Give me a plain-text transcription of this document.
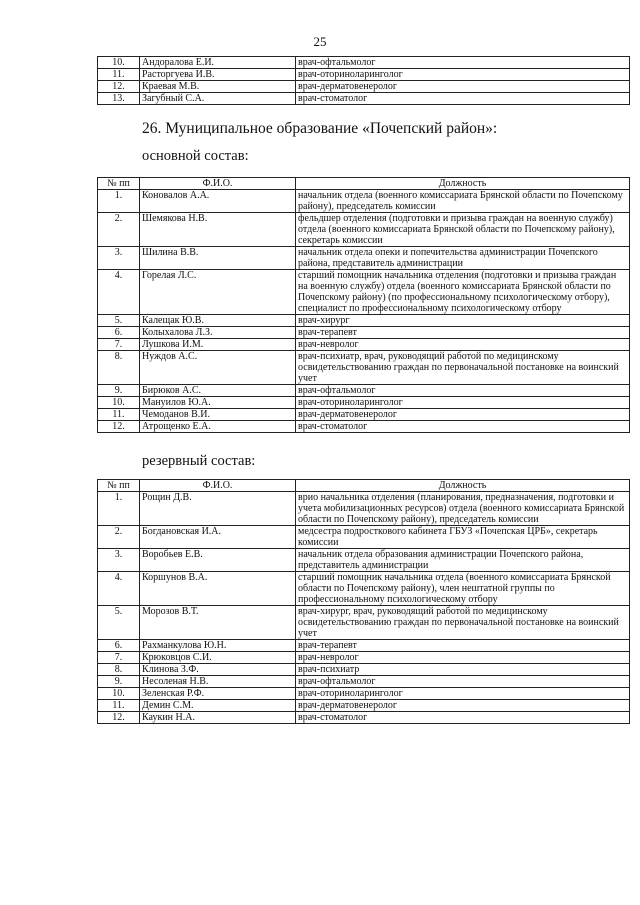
25
10.	Андоралова Е.И.	врач-офтальмолог
11.	Расторгуева И.В.	врач-оториноларинголог
12.	Краевая М.В.	врач-дерматовенеролог
13.	Загубный С.А.	врач-стоматолог
26. Муниципальное образование «Почепский район»:
основной состав:
№ пп	Ф.И.О.	Должность
1.	Коновалов А.А.	начальник отдела (военного комиссариата Брянской области по Почепскому району), председатель комиссии
2.	Шемякова Н.В.	фельдшер отделения (подготовки и призыва граждан на военную службу) отдела (военного комиссариата Брянской области по Почепскому району), секретарь комиссии
3.	Шилина В.В.	начальник отдела опеки и попечительства администрации Почепского района, представитель администрации
4.	Горелая Л.С.	старший помощник начальника отделения (подготовки и призыва граждан на военную службу) отдела (военного комиссариата Брянской области по Почепскому району) (по профессиональному психологическому отбору), специалист по профессиональному психологическому отбору
5.	Калещак Ю.В.	врач-хирург
6.	Колыхалова Л.З.	врач-терапевт
7.	Лушкова И.М.	врач-невролог
8.	Нуждов А.С.	врач-психиатр, врач, руководящий работой по медицинскому освидетельствованию граждан по первоначальной постановке на воинский учет
9.	Бирюков А.С.	врач-офтальмолог
10.	Мануилов Ю.А.	врач-оториноларинголог
11.	Чемоданов В.И.	врач-дерматовенеролог
12.	Атрощенко Е.А.	врач-стоматолог
резервный состав:
№ пп	Ф.И.О.	Должность
1.	Рощин Д.В.	врио начальника отделения (планирования, предназначения, подготовки и учета мобилизационных ресурсов) отдела (военного комиссариата Брянской области по Почепскому району), председатель комиссии
2.	Богдановская И.А.	медсестра подросткового кабинета ГБУЗ «Почепская ЦРБ», секретарь комиссии
3.	Воробьев Е.В.	начальник отдела образования администрации Почепского района, представитель администрации
4.	Коршунов В.А.	старший помощник начальника отдела (военного комиссариата Брянской области по Почепскому району), член нештатной группы по профессиональному психологическому отбору
5.	Морозов В.Т.	врач-хирург, врач, руководящий работой по медицинскому освидетельствованию граждан по первоначальной постановке на воинский учет
6.	Рахманкулова Ю.Н.	врач-терапевт
7.	Крюковцов С.И.	врач-невролог
8.	Клинова З.Ф.	врач-психиатр
9.	Несоленая Н.В.	врач-офтальмолог
10.	Зеленская Р.Ф.	врач-оториноларинголог
11.	Демин С.М.	врач-дерматовенеролог
12.	Каукин Н.А.	врач-стоматолог
